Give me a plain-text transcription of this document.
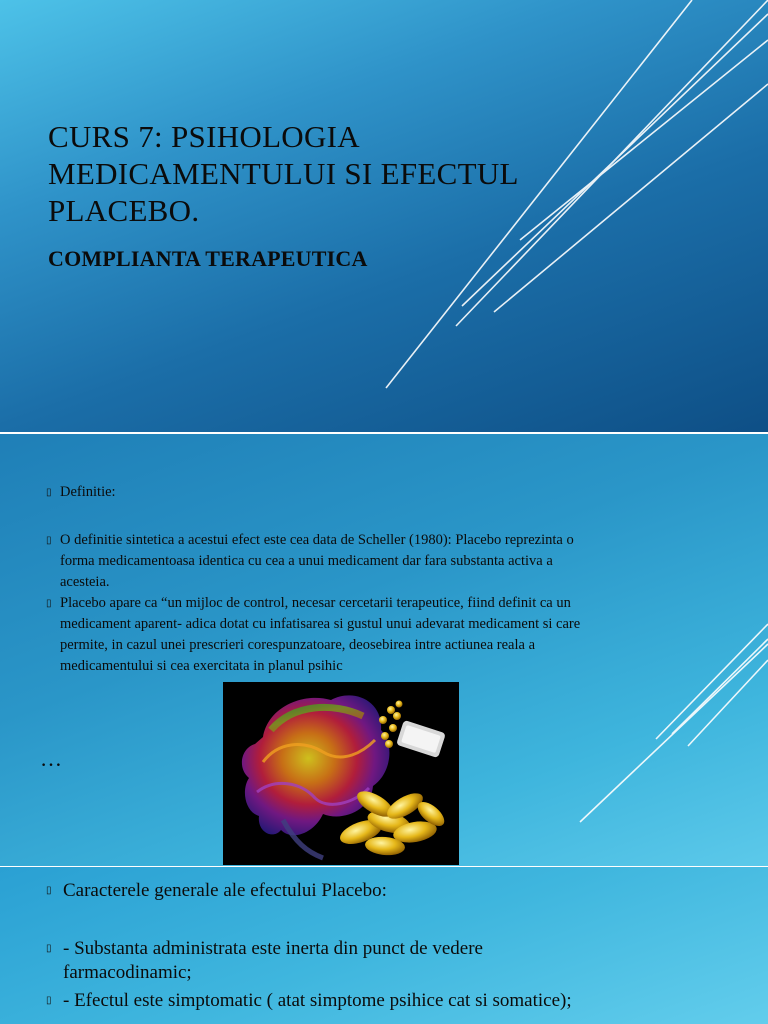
CURS 7: PSIHOLOGIA MEDICAMENTULUI SI EFECTUL PLACEBO.
COMPLIANTA TERAPEUTICA
▯ Definitie:
▯ O definitie sintetica a acestui efect este cea data de Scheller (1980): Placebo reprezinta o forma medicamentoasa identica cu cea a unui medicament dar fara substanta activa a acesteia.
▯ Placebo apare ca “un mijloc de control, necesar cercetarii terapeutice, fiind definit ca un medicament aparent- adica dotat cu infatisarea si gustul unui adevarat medicament si care permite, in cazul unei prescrieri corespunzatoare, deosebirea intre actiunea reala a medicamentului si cea exercitata in planul psihic
…
▯ Caracterele generale ale efectului Placebo:
▯ - Substanta administrata este inerta din punct de vedere farmacodinamic;
▯ - Efectul este simptomatic ( atat simptome psihice cat si somatice);
